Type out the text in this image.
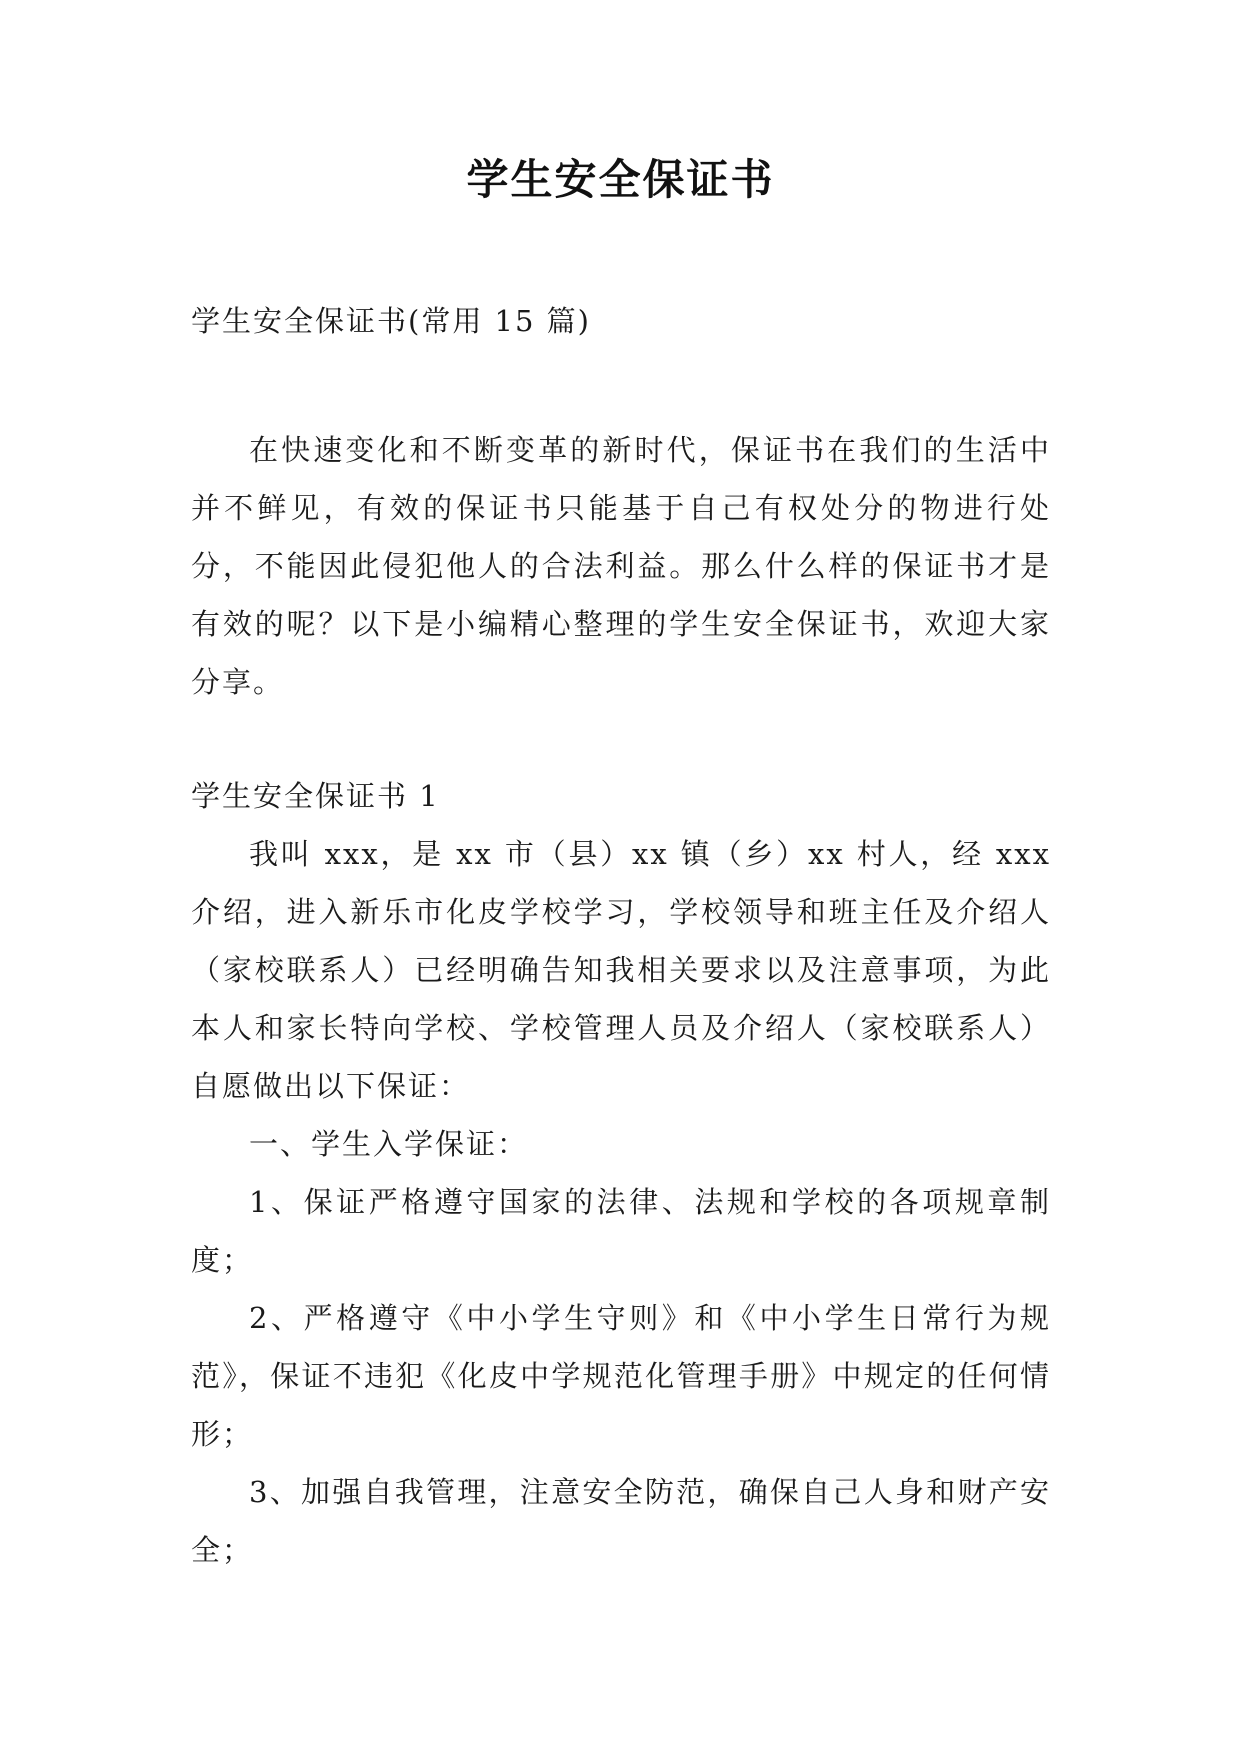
学生安全保证书

学生安全保证书(常用 15 篇)

在快速变化和不断变革的新时代，保证书在我们的生活中并不鲜见，有效的保证书只能基于自己有权处分的物进行处分，不能因此侵犯他人的合法利益。那么什么样的保证书才是有效的呢？以下是小编精心整理的学生安全保证书，欢迎大家分享。

学生安全保证书 1

我叫 xxx，是 xx 市（县）xx 镇（乡）xx 村人，经 xxx 介绍，进入新乐市化皮学校学习，学校领导和班主任及介绍人（家校联系人）已经明确告知我相关要求以及注意事项，为此本人和家长特向学校、学校管理人员及介绍人（家校联系人）自愿做出以下保证：

一、学生入学保证：

1、保证严格遵守国家的法律、法规和学校的各项规章制度；

2、严格遵守《中小学生守则》和《中小学生日常行为规范》，保证不违犯《化皮中学规范化管理手册》中规定的任何情形；

3、加强自我管理，注意安全防范，确保自己人身和财产安全；
